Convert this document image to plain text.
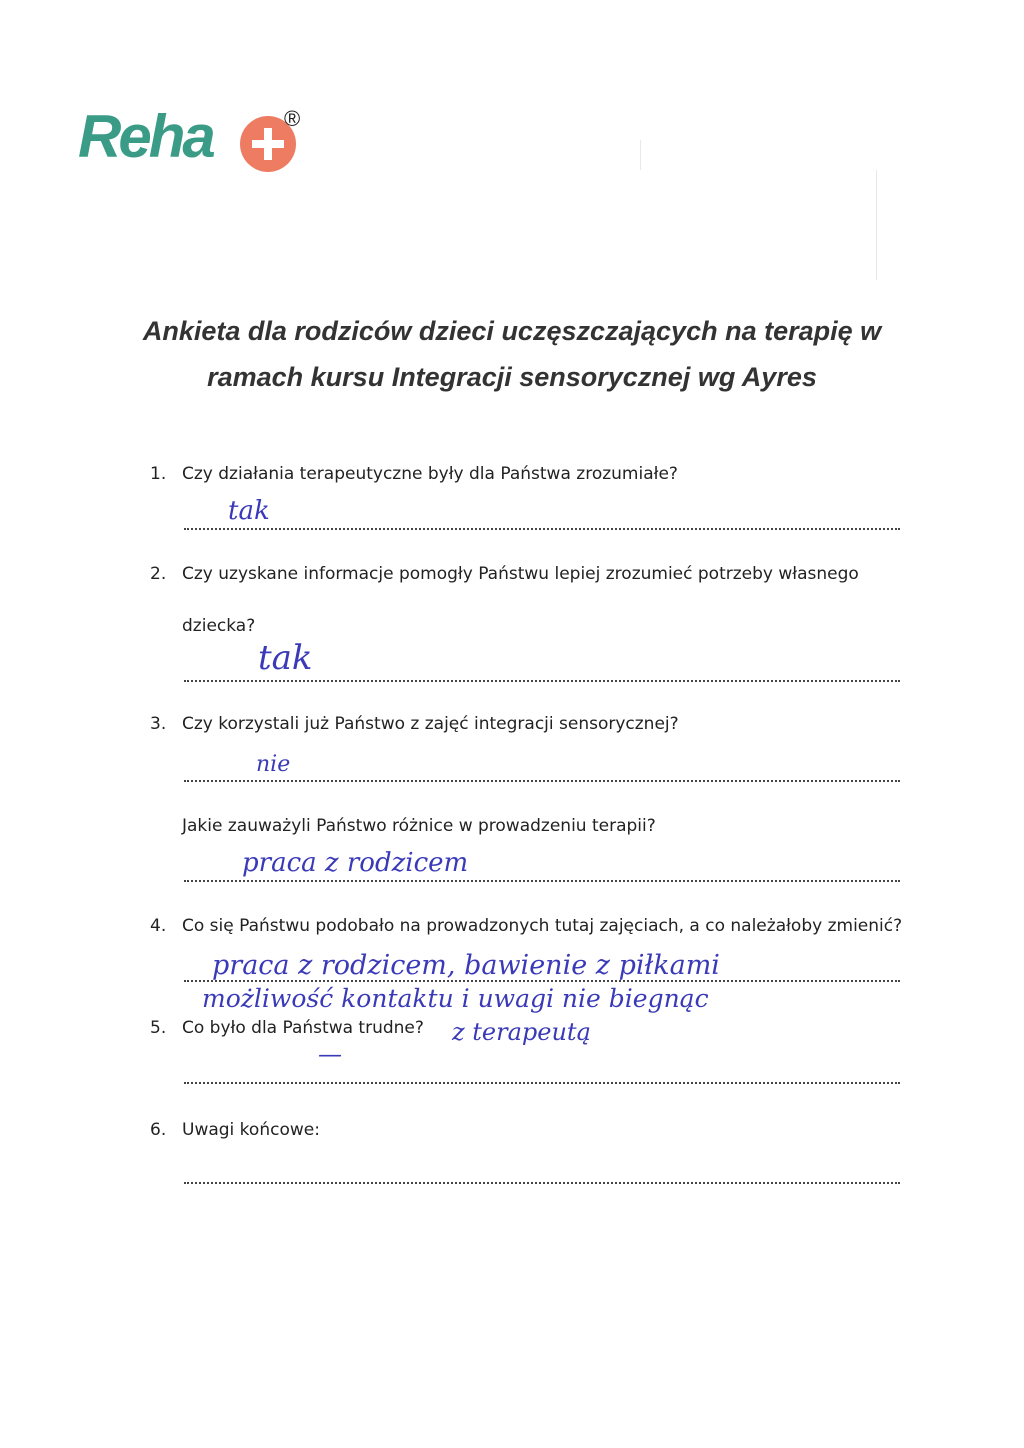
Reha	®
Ankieta dla rodziców dzieci uczęszczających na terapię w
ramach kursu Integracji sensorycznej wg Ayres
1. Czy działania terapeutyczne były dla Państwa zrozumiałe?
tak
2. Czy uzyskane informacje pomogły Państwu lepiej zrozumieć potrzeby własnego
dziecka?
tak
3. Czy korzystali już Państwo z zajęć integracji sensorycznej?
nie
Jakie zauważyli Państwo różnice w prowadzeniu terapii?
praca z rodzicem
4. Co się Państwu podobało na prowadzonych tutaj zajęciach, a co należałoby zmienić?
praca z rodzicem, bawienie z piłkami
możliwość kontaktu i uwagi nie biegnąc
5. Co było dla Państwa trudne? z terapeutą
—
6. Uwagi końcowe:
